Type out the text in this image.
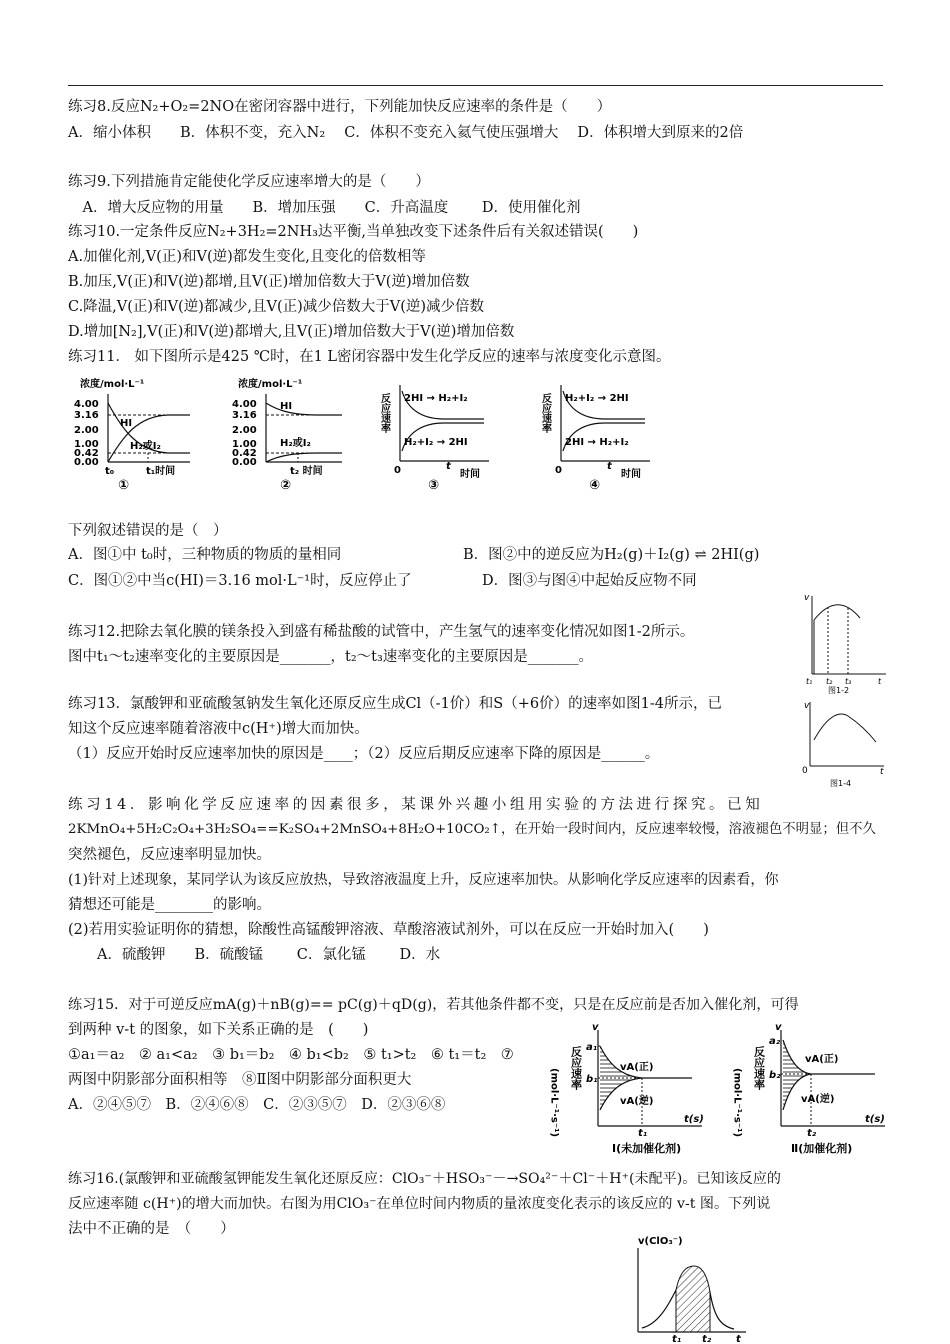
练习8.反应N₂+O₂=2NO在密闭容器中进行，下列能加快反应速率的条件是（　　）
A．缩小体积　　B．体积不变，充入N₂　 C．体积不变充入氦气使压强增大　 D．体积增大到原来的2倍
练习9.下列措施肯定能使化学反应速率增大的是（　　）
　A．增大反应物的用量　　B．增加压强　　C．升高温度　　 D．使用催化剂
练习10.一定条件反应N₂+3H₂=2NH₃达平衡,当单独改变下述条件后有关叙述错误(　　)
A.加催化剂,V(正)和V(逆)都发生变化,且变化的倍数相等
B.加压,V(正)和V(逆)都增,且V(正)增加倍数大于V(逆)增加倍数
C.降温,V(正)和V(逆)都减少,且V(正)减少倍数大于V(逆)减少倍数
D.增加[N₂],V(正)和V(逆)都增大,且V(正)增加倍数大于V(逆)增加倍数
练习11． 如下图所示是425 ℃时，在1 L密闭容器中发生化学反应的速率与浓度变化示意图。
浓度/mol·L⁻¹
4.00
3.16
2.00
1.00
0.42
0.00
HI
H₂或I₂
t₀	t₁时间
①
浓度/mol·L⁻¹
4.00
3.16
2.00
1.00
0.42
0.00
HI
H₂或I₂
t₂ 时间
②
反应速率 2HI → H₂+I₂
H₂+I₂ → 2HI
0	t
时间
③
反应速率 H₂+I₂ → 2HI
2HI → H₂+I₂
0	t
时间
④
下列叙述错误的是（　）
A．图①中 t₀时，三种物质的物质的量相同	B．图②中的逆反应为H₂(g)＋I₂(g) ⇌ 2HI(g)
C．图①②中当c(HI)＝3.16 mol·L⁻¹时，反应停止了	D．图③与图④中起始反应物不同
练习12.把除去氧化膜的镁条投入到盛有稀盐酸的试管中，产生氢气的速率变化情况如图1-2所示。
图中t₁～t₂速率变化的主要原因是_______，t₂～t₃速率变化的主要原因是_______。
v
t₁ t₂ t₃	t
图1-2
练习13．氯酸钾和亚硫酸氢钠发生氧化还原反应生成Cl（-1价）和S（+6价）的速率如图1-4所示，已
知这个反应速率随着溶液中c(H⁺)增大而加快。
（1）反应开始时反应速率加快的原因是____；（2）反应后期反应速率下降的原因是______。
v
0	t
图1-4
练习14．影响化学反应速率的因素很多，某课外兴趣小组用实验的方法进行探究。已知
2KMnO₄+5H₂C₂O₄+3H₂SO₄==K₂SO₄+2MnSO₄+8H₂O+10CO₂↑，在开始一段时间内，反应速率较慢，溶液褪色不明显；但不久
突然褪色，反应速率明显加快。
(1)针对上述现象，某同学认为该反应放热，导致溶液温度上升，反应速率加快。从影响化学反应速率的因素看，你
猜想还可能是________的影响。
(2)若用实验证明你的猜想，除酸性高锰酸钾溶液、草酸溶液试剂外，可以在反应一开始时加入(　　)
　　A．硫酸钾　　B．硫酸锰　　 C．氯化锰　　 D．水
练习15．对于可逆反应mA(g)＋nB(g)== pC(g)＋qD(g)，若其他条件都不变，只是在反应前是否加入催化剂，可得
到两种 v-t 的图象，如下关系正确的是　(　　)
①a₁＝a₂　② a₁<a₂　③ b₁＝b₂　④ b₁<b₂　⑤ t₁>t₂　⑥ t₁＝t₂　⑦
两图中阴影部分面积相等　⑧Ⅱ图中阴影部分面积更大
A．②④⑤⑦　B．②④⑥⑧　C．②③⑤⑦　D．②③⑥⑧	(mol·L⁻¹·s⁻¹) 反应速率
v
a₁
b₁
vA(正)
vA(逆)
t₁
t(s)
Ⅰ(未加催化剂)
(mol·L⁻¹·s⁻¹) 反应速率
v
a₂
b₂
vA(正)
vA(逆)
t₂
t(s)
Ⅱ(加催化剂)
练习16.(氯酸钾和亚硫酸氢钾能发生氧化还原反应：ClO₃⁻＋HSO₃⁻－→SO₄²⁻＋Cl⁻＋H⁺(未配平)。已知该反应的
反应速率随 c(H⁺)的增大而加快。右图为用ClO₃⁻在单位时间内物质的量浓度变化表示的该反应的 v-t 图。下列说
法中不正确的是　（　　）
v(ClO₃⁻)
t₁ t₂ t
